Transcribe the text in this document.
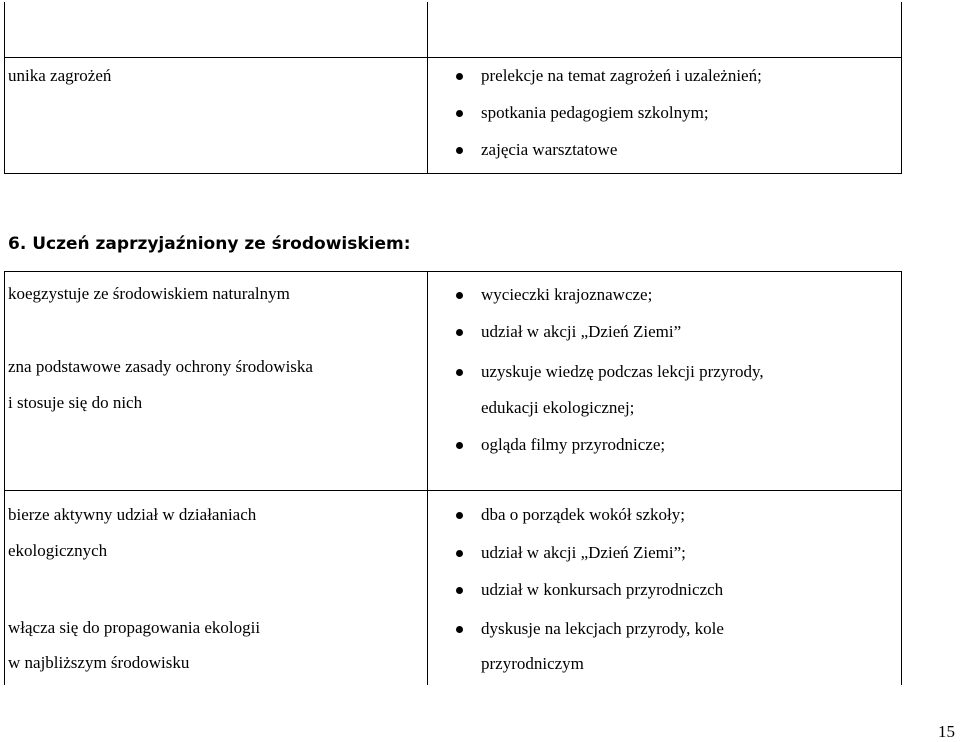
unika zagrożeń	prelekcje na temat zagrożeń i uzależnień;
spotkania pedagogiem szkolnym;
zajęcia warsztatowe
6. Uczeń zaprzyjaźniony ze środowiskiem:
koegzystuje ze środowiskiem naturalnym
zna podstawowe zasady ochrony środowiska
i stosuje się do nich
wycieczki krajoznawcze;
udział w akcji „Dzień Ziemi”
uzyskuje wiedzę podczas lekcji przyrody,
edukacji ekologicznej;
ogląda filmy przyrodnicze;
bierze aktywny udział w działaniach
ekologicznych
włącza się do propagowania ekologii
w najbliższym środowisku
dba o porządek wokół szkoły;
udział w akcji „Dzień Ziemi”;
udział w konkursach przyrodniczch
dyskusje na lekcjach przyrody, kole
przyrodniczym
15
